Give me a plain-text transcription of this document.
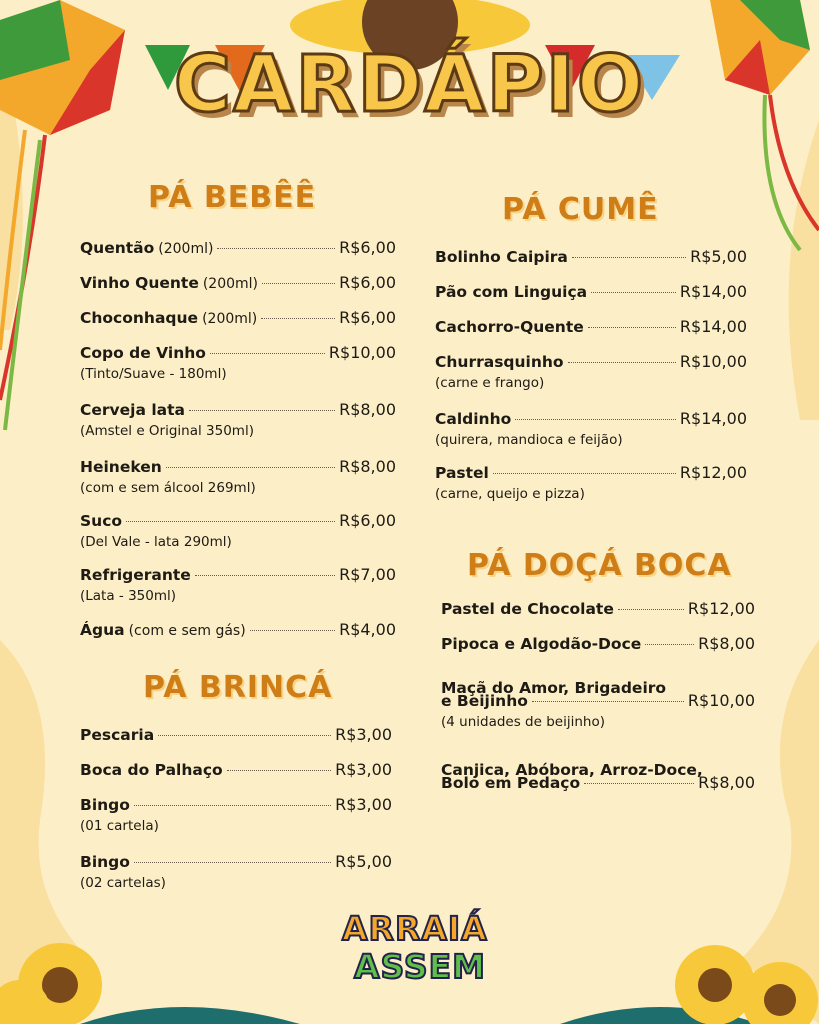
CARDÁPIO
PÁ BEBÊÊ
PÁ BRINCÁ
PÁ CUMÊ
PÁ DOÇÁ BOCA
Quentão (200ml)	R$6,00
Vinho Quente (200ml)	R$6,00
Choconhaque (200ml)	R$6,00
Copo de Vinho	R$10,00
(Tinto/Suave - 180ml)
Cerveja lata	R$8,00
(Amstel e Original 350ml)
Heineken	R$8,00
(com e sem álcool 269ml)
Suco	R$6,00
(Del Vale - lata 290ml)
Refrigerante	R$7,00
(Lata - 350ml)
Água (com e sem gás)	R$4,00
Pescaria	R$3,00
Boca do Palhaço	R$3,00
Bingo	R$3,00
(01 cartela)
Bingo	R$5,00
(02 cartelas)
Bolinho Caipira	R$5,00
Pão com Linguiça	R$14,00
Cachorro-Quente	R$14,00
Churrasquinho	R$10,00
(carne e frango)
Caldinho	R$14,00
(quirera, mandioca e feijão)
Pastel	R$12,00
(carne, queijo e pizza)
Pastel de Chocolate	R$12,00
Pipoca e Algodão-Doce	R$8,00
Maçã do Amor, Brigadeiro
e Beijinho	R$10,00
(4 unidades de beijinho)
Canjica, Abóbora, Arroz-Doce,
Bolo em Pedaço	R$8,00
ARRAIÁ
ASSEM
